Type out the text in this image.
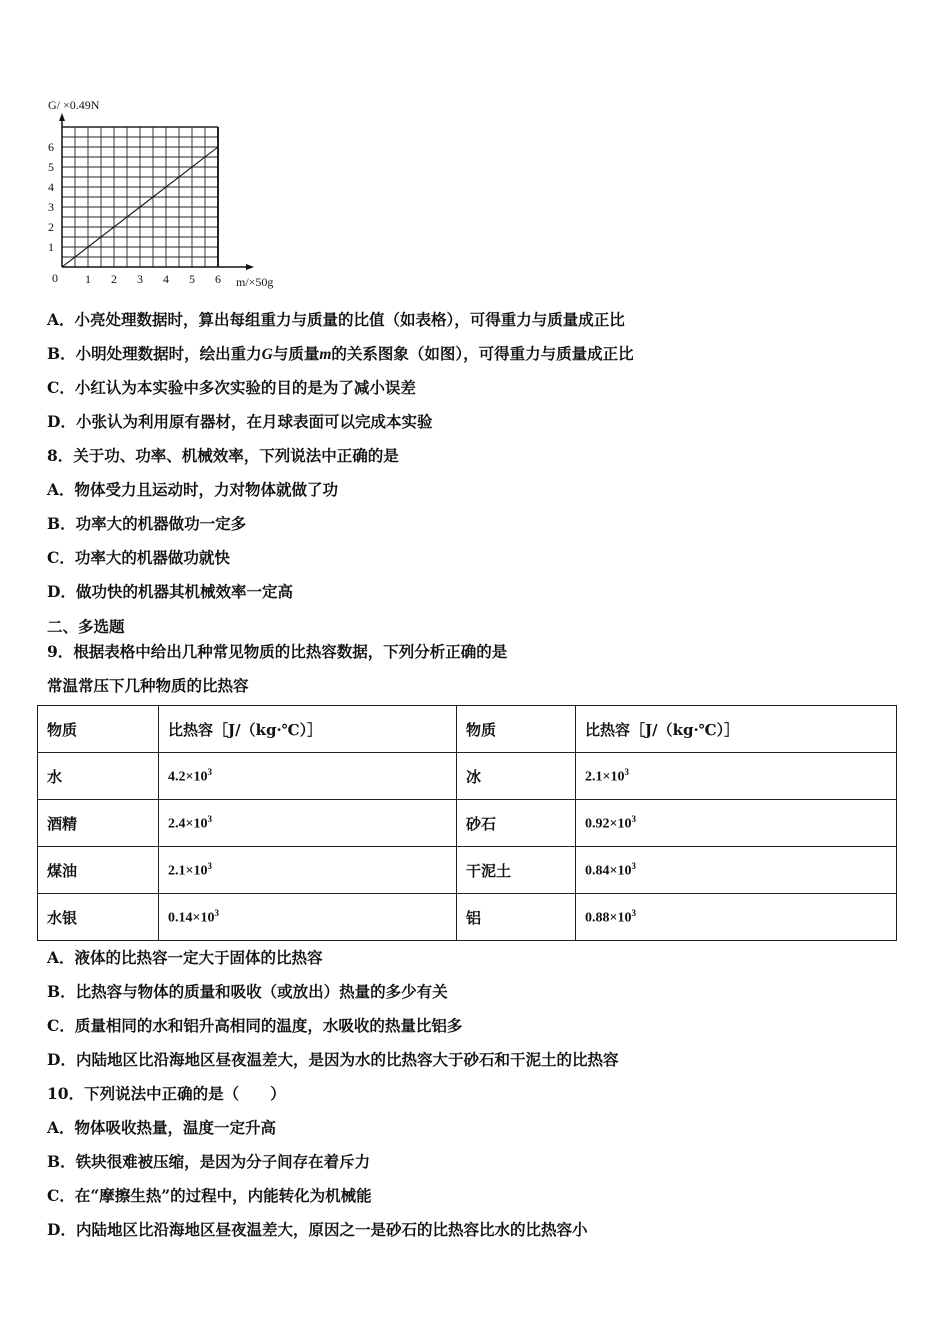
G/ ×0.49N
m/×50g
0 1 2 3 4 5 6
1
2
3
4
5
6
A．小亮处理数据时，算出每组重力与质量的比值（如表格），可得重力与质量成正比
B．小明处理数据时，绘出重力G与质量m的关系图象（如图），可得重力与质量成正比
C．小红认为本实验中多次实验的目的是为了减小误差
D．小张认为利用原有器材，在月球表面可以完成本实验
8．关于功、功率、机械效率，下列说法中正确的是
A．物体受力且运动时，力对物体就做了功
B．功率大的机器做功一定多
C．功率大的机器做功就快
D．做功快的机器其机械效率一定高
二、多选题
9．根据表格中给出几种常见物质的比热容数据，下列分析正确的是
常温常压下几种物质的比热容
物质	比热容［J/（kg·℃）］	物质	比热容［J/（kg·℃）］
水	$4.2\times 10^3$	冰	$2.1\times 10^3$
酒精	$2.4\times 10^3$	砂石	$0.92\times 10^3$
煤油	$2.1\times 10^3$	干泥土	$0.84\times 10^3$
水银	$0.14\times 10^3$	铝	$0.88\times 10^3$
A．液体的比热容一定大于固体的比热容
B．比热容与物体的质量和吸收（或放出）热量的多少有关
C．质量相同的水和铝升高相同的温度，水吸收的热量比铝多
D．内陆地区比沿海地区昼夜温差大，是因为水的比热容大于砂石和干泥土的比热容
10．下列说法中正确的是（　　）
A．物体吸收热量，温度一定升高
B．铁块很难被压缩，是因为分子间存在着斥力
C．在“摩擦生热”的过程中，内能转化为机械能
D．内陆地区比沿海地区昼夜温差大，原因之一是砂石的比热容比水的比热容小
